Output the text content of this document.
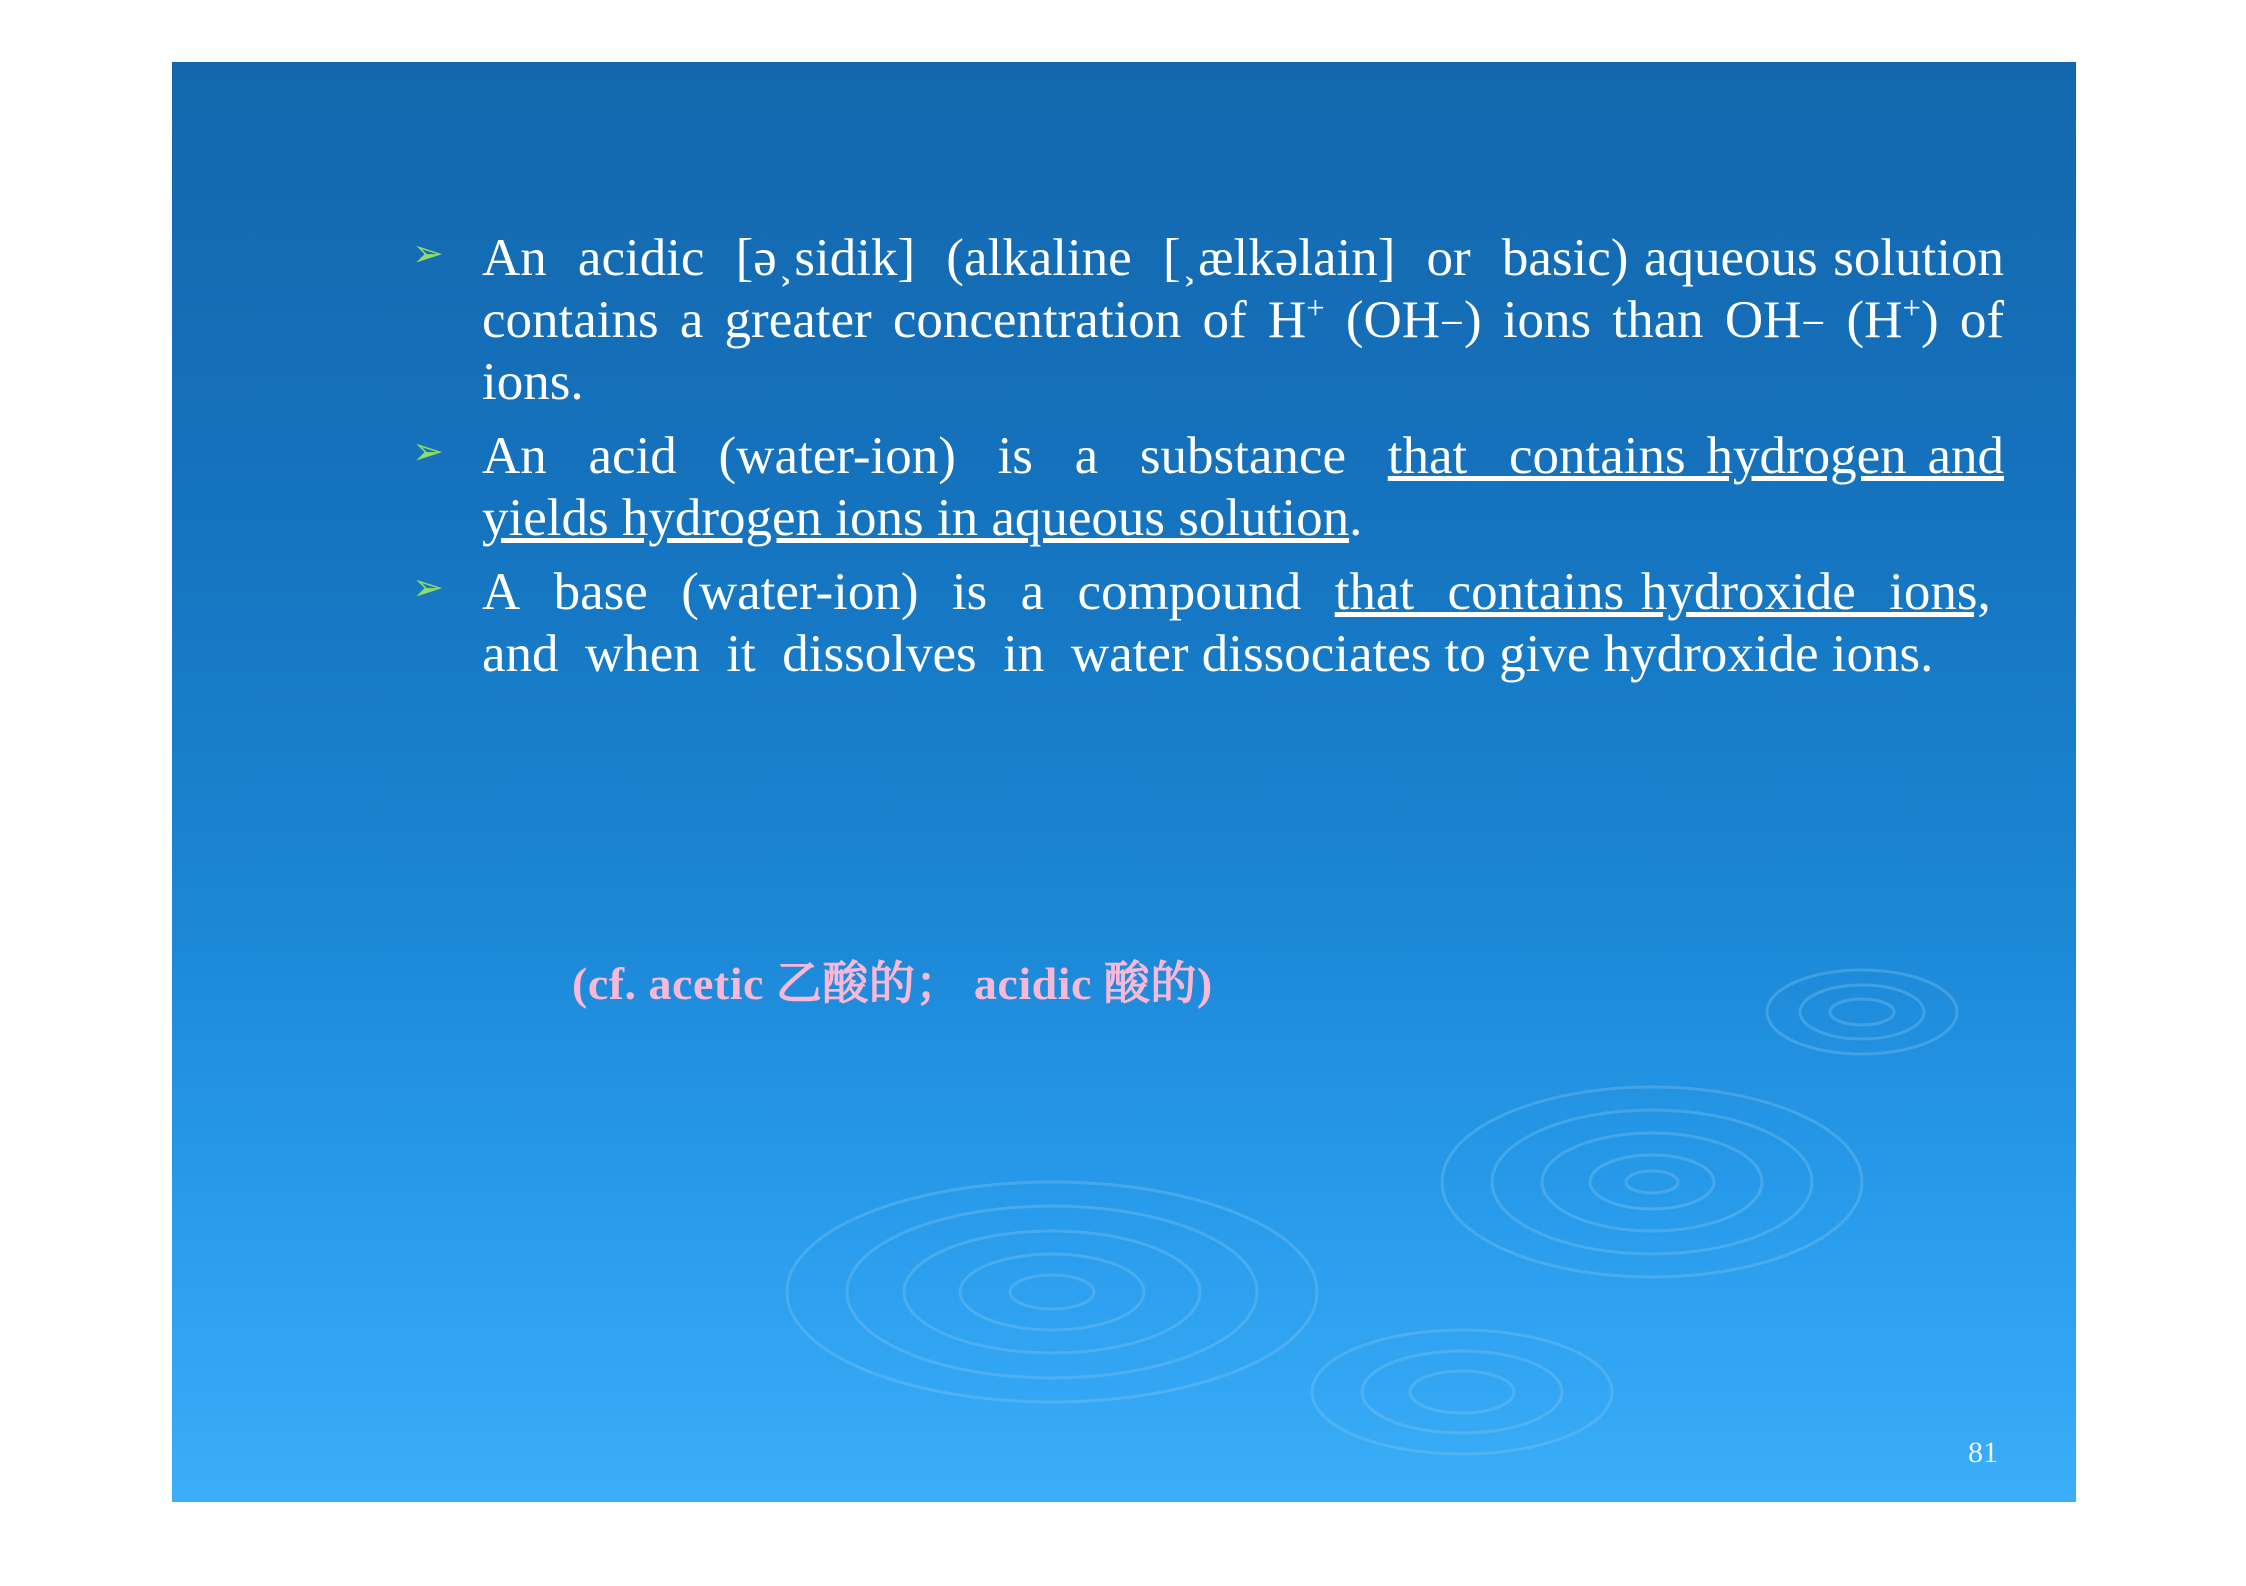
➢ An  acidic  [ə˲sidik]  (alkaline  [˲ælkəlain]  or  basic) aqueous solution contains a greater concentration of H+ (OH−) ions than OH− (H+) of ions.
➢ An  acid  (water-ion)  is  a  substance  that  contains hydrogen and yields hydrogen ions in aqueous solution.
➢ A  base  (water-ion)  is  a  compound  that  contains hydroxide  ions,  and  when  it  dissolves  in  water dissociates to give hydroxide ions.
(cf. acetic 乙酸的； acidic 酸的)
81
